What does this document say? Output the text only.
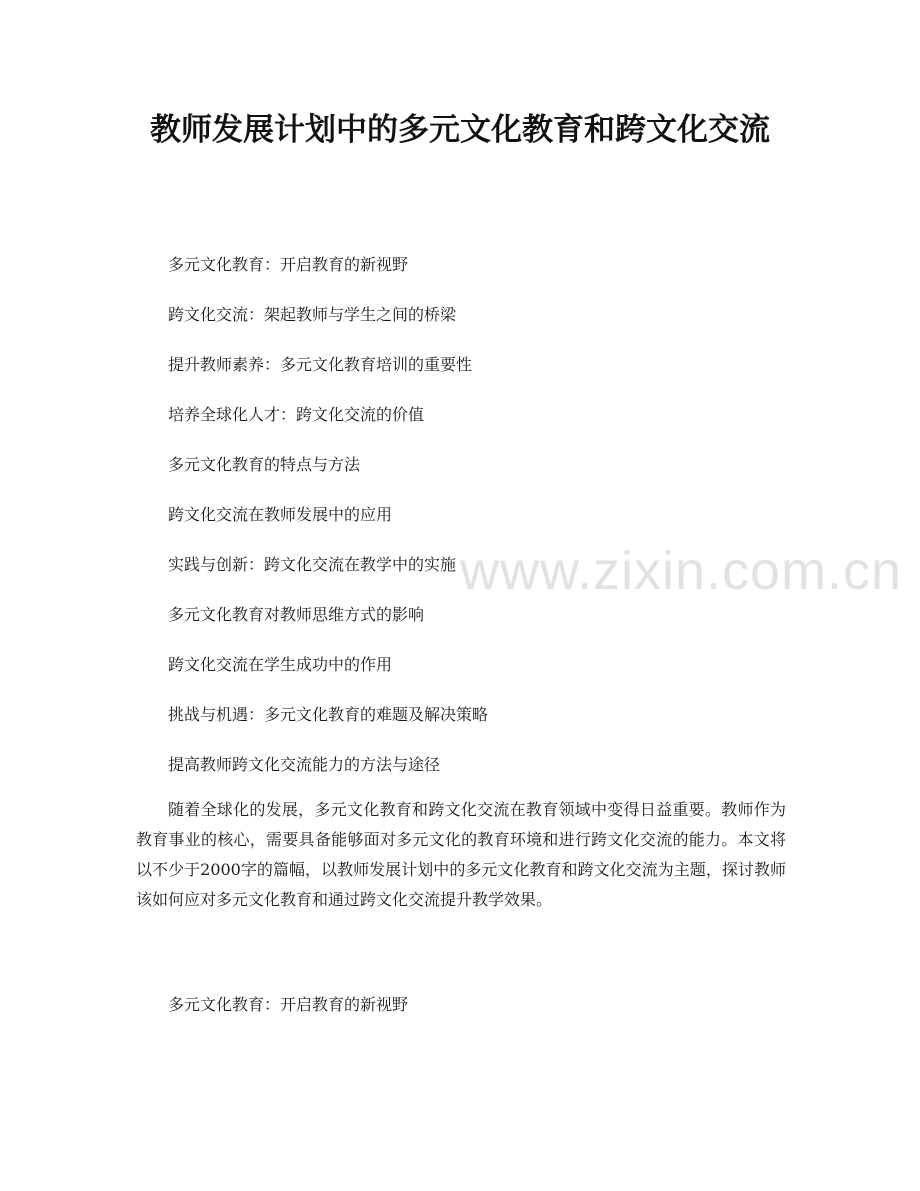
教师发展计划中的多元文化教育和跨文化交流
多元文化教育：开启教育的新视野
跨文化交流：架起教师与学生之间的桥梁
提升教师素养：多元文化教育培训的重要性
培养全球化人才：跨文化交流的价值
多元文化教育的特点与方法
跨文化交流在教师发展中的应用
实践与创新：跨文化交流在教学中的实施
多元文化教育对教师思维方式的影响
跨文化交流在学生成功中的作用
挑战与机遇：多元文化教育的难题及解决策略
提高教师跨文化交流能力的方法与途径

随着全球化的发展，多元文化教育和跨文化交流在教育领域中变得日益重要。教师作为教育事业的核心，需要具备能够面对多元文化的教育环境和进行跨文化交流的能力。本文将以不少于2000字的篇幅，以教师发展计划中的多元文化教育和跨文化交流为主题，探讨教师该如何应对多元文化教育和通过跨文化交流提升教学效果。

多元文化教育：开启教育的新视野

www.zixin.com.cn
